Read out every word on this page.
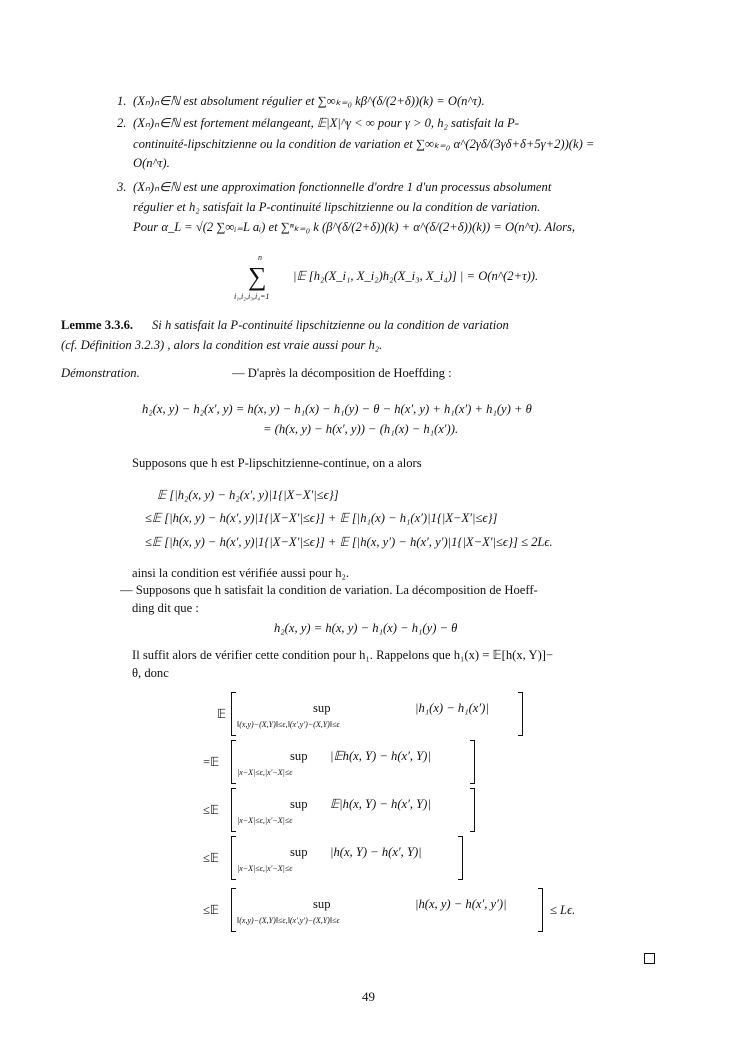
1. (Xₙ)ₙ∈ℕ est absolument régulier et ∑∞ₖ₌₀ kβ^(δ/(2+δ))(k) = O(n^τ).
2. (Xₙ)ₙ∈ℕ est fortement mélangeant, 𝔼|X|^γ < ∞ pour γ > 0, h₂ satisfait la P-
continuité-lipschitzienne ou la condition de variation et ∑∞ₖ₌₀ α^(2γδ/(3γδ+δ+5γ+2))(k) =
O(n^τ).
3. (Xₙ)ₙ∈ℕ est une approximation fonctionnelle d'ordre 1 d'un processus absolument
régulier et h₂ satisfait la P-continuité lipschitzienne ou la condition de variation.
Pour α_L = √(2 ∑∞ᵢ₌L aᵢ) et ∑ⁿₖ₌₀ k (β^(δ/(2+δ))(k) + α^(δ/(2+δ))(k)) = O(n^τ). Alors,
n
∑
i₁,i₂,i₃,i₄=1
|𝔼 [h₂(X_i₁, X_i₂)h₂(X_i₃, X_i₄)] | = O(n^(2+τ)).
Lemme 3.3.6. Si h satisfait la P-continuité lipschitzienne ou la condition de variation
(cf. Définition 3.2.3) , alors la condition est vraie aussi pour h₂.
Démonstration.	— D'après la décomposition de Hoeffding :
h₂(x, y) − h₂(x′, y) = h(x, y) − h₁(x) − h₁(y) − θ − h(x′, y) + h₁(x′) + h₁(y) + θ
= (h(x, y) − h(x′, y)) − (h₁(x) − h₁(x′)).
Supposons que h est P-lipschitzienne-continue, on a alors
𝔼 [|h₂(x, y) − h₂(x′, y)|1{|X−X′|≤ϵ}]
≤𝔼 [|h(x, y) − h(x′, y)|1{|X−X′|≤ϵ}] + 𝔼 [|h₁(x) − h₁(x′)|1{|X−X′|≤ϵ}]
≤𝔼 [|h(x, y) − h(x′, y)|1{|X−X′|≤ϵ}] + 𝔼 [|h(x, y′) − h(x′, y′)|1{|X−X′|≤ϵ}] ≤ 2Lϵ.
ainsi la condition est vérifiée aussi pour h₂.
— Supposons que h satisfait la condition de variation. La décomposition de Hoeff-
ding dit que :
h₂(x, y) = h(x, y) − h₁(x) − h₁(y) − θ
Il suffit alors de vérifier cette condition pour h₁. Rappelons que h₁(x) = 𝔼[h(x, Y)]−
θ, donc
𝔼	sup
‖(x,y)−(X,Y)‖≤ϵ,‖(x′,y′)−(X,Y)‖≤ϵ
|h₁(x) − h₁(x′)|
=𝔼	sup
|x−X|≤ϵ,|x′−X|≤ϵ
|𝔼h(x, Y) − h(x′, Y)|
≤𝔼	sup
|x−X|≤ϵ,|x′−X|≤ϵ
𝔼|h(x, Y) − h(x′, Y)|
≤𝔼	sup
|x−X|≤ϵ,|x′−X|≤ϵ
|h(x, Y) − h(x′, Y)|
≤𝔼	sup
‖(x,y)−(X,Y)‖≤ϵ,‖(x′,y′)−(X,Y)‖≤ϵ
|h(x, y) − h(x′, y′)|	≤ Lϵ.
49
